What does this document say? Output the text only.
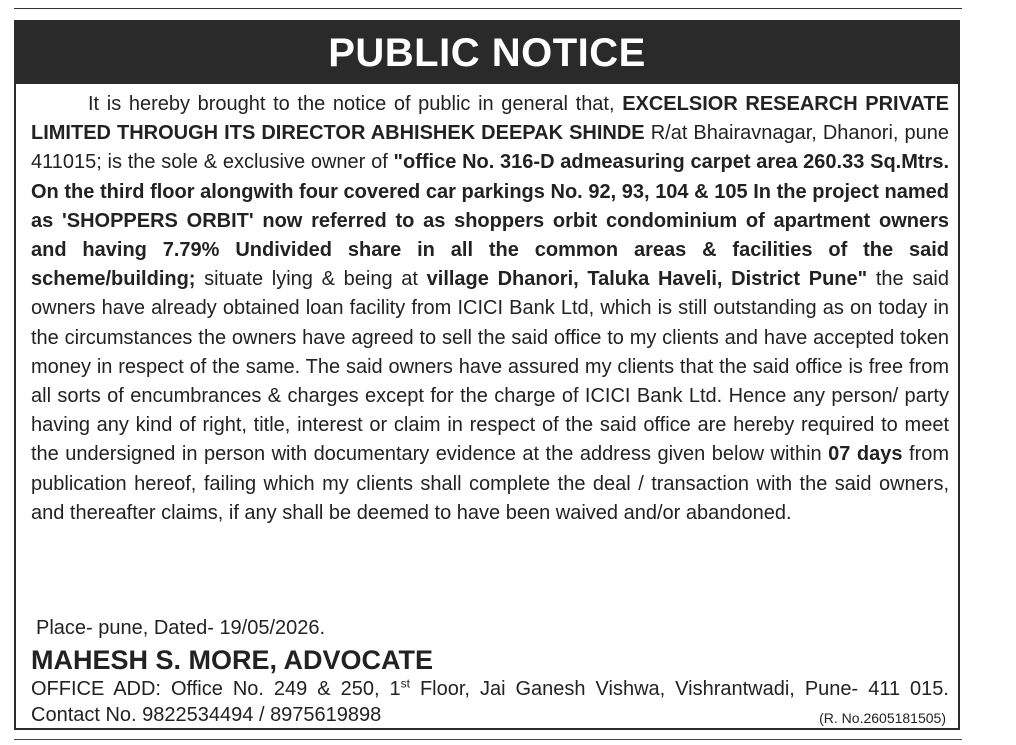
PUBLIC NOTICE

It is hereby brought to the notice of public in general that, EXCELSIOR RESEARCH PRIVATE LIMITED THROUGH ITS DIRECTOR ABHISHEK DEEPAK SHINDE R/at Bhairavnagar, Dhanori, pune 411015; is the sole & exclusive owner of "office No. 316-D admeasuring carpet area 260.33 Sq.Mtrs. On the third floor alongwith four covered car parkings No. 92, 93, 104 & 105 In the project named as 'SHOPPERS ORBIT' now referred to as shoppers orbit condominium of apartment owners and having 7.79% Undivided share in all the common areas & facilities of the said scheme/building; situate lying & being at village Dhanori, Taluka Haveli, District Pune" the said owners have already obtained loan facility from ICICI Bank Ltd, which is still outstanding as on today in the circumstances the owners have agreed to sell the said office to my clients and have accepted token money in respect of the same. The said owners have assured my clients that the said office is free from all sorts of encumbrances & charges except for the charge of ICICI Bank Ltd. Hence any person/ party having any kind of right, title, interest or claim in respect of the said office are hereby required to meet the undersigned in person with documentary evidence at the address given below within 07 days from publication hereof, failing which my clients shall complete the deal / transaction with the said owners, and thereafter claims, if any shall be deemed to have been waived and/or abandoned.

Place- pune, Dated- 19/05/2026.
MAHESH S. MORE, ADVOCATE
OFFICE ADD: Office No. 249 & 250, 1st Floor, Jai Ganesh Vishwa, Vishrantwadi, Pune- 411 015. Contact No. 9822534494 / 8975619898	(R. No.2605181505)
